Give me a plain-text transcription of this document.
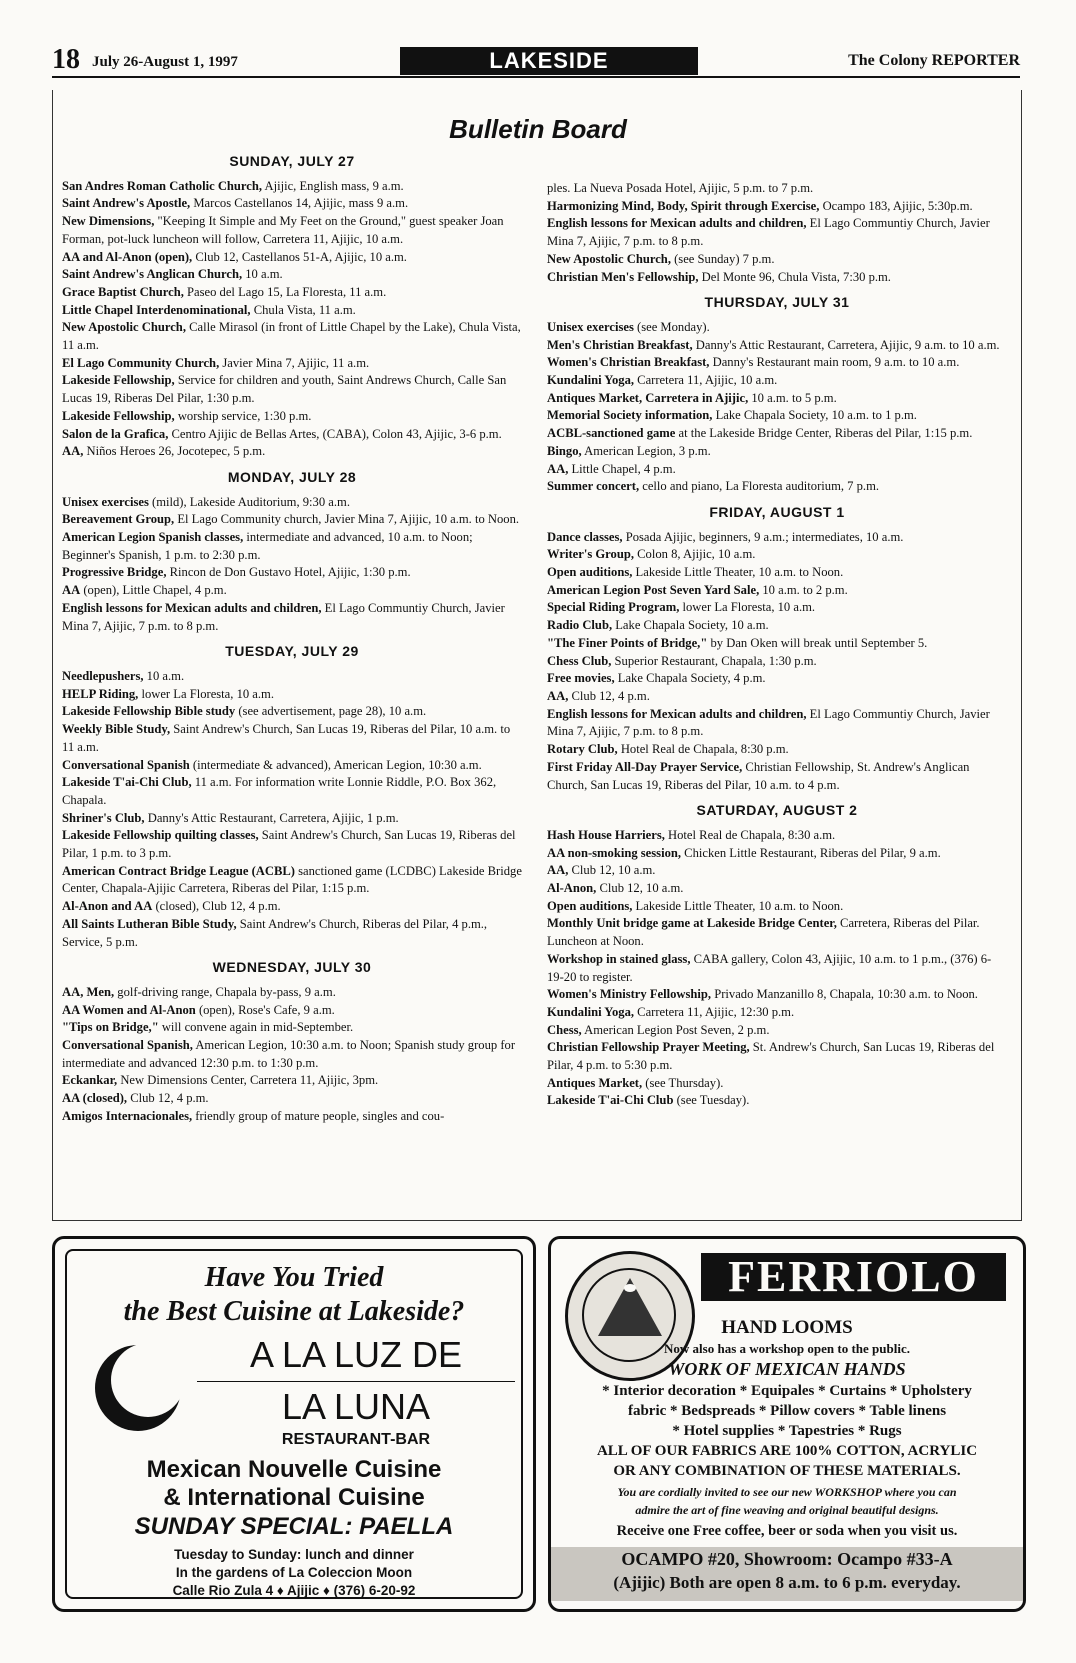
18 July 26-August 1, 1997	LAKESIDE	The Colony REPORTER
Bulletin Board
SUNDAY, JULY 27

San Andres Roman Catholic Church, Ajijic, English mass, 9 a.m.

Saint Andrew's Apostle, Marcos Castellanos 14, Ajijic, mass 9 a.m.

New Dimensions, "Keeping It Simple and My Feet on the Ground," guest speaker Joan Forman, pot-luck luncheon will follow, Carretera 11, Ajijic, 10 a.m.

AA and Al-Anon (open), Club 12, Castellanos 51-A, Ajijic, 10 a.m.

Saint Andrew's Anglican Church, 10 a.m.

Grace Baptist Church, Paseo del Lago 15, La Floresta, 11 a.m.

Little Chapel Interdenominational, Chula Vista, 11 a.m.

New Apostolic Church, Calle Mirasol (in front of Little Chapel by the Lake), Chula Vista, 11 a.m.

El Lago Community Church, Javier Mina 7, Ajijic, 11 a.m.

Lakeside Fellowship, Service for children and youth, Saint Andrews Church, Calle San Lucas 19, Riberas Del Pilar, 1:30 p.m.

Lakeside Fellowship, worship service, 1:30 p.m.

Salon de la Grafica, Centro Ajijic de Bellas Artes, (CABA), Colon 43, Ajijic, 3-6 p.m.

AA, Niños Heroes 26, Jocotepec, 5 p.m.

MONDAY, JULY 28

Unisex exercises (mild), Lakeside Auditorium, 9:30 a.m.

Bereavement Group, El Lago Community church, Javier Mina 7, Ajijic, 10 a.m. to Noon.

American Legion Spanish classes, intermediate and advanced, 10 a.m. to Noon; Beginner's Spanish, 1 p.m. to 2:30 p.m.

Progressive Bridge, Rincon de Don Gustavo Hotel, Ajijic, 1:30 p.m.

AA (open), Little Chapel, 4 p.m.

English lessons for Mexican adults and children, El Lago Communtiy Church, Javier Mina 7, Ajijic, 7 p.m. to 8 p.m.

TUESDAY, JULY 29

Needlepushers, 10 a.m.

HELP Riding, lower La Floresta, 10 a.m.

Lakeside Fellowship Bible study (see advertisement, page 28), 10 a.m.

Weekly Bible Study, Saint Andrew's Church, San Lucas 19, Riberas del Pilar, 10 a.m. to 11 a.m.

Conversational Spanish (intermediate & advanced), American Legion, 10:30 a.m.

Lakeside T'ai-Chi Club, 11 a.m. For information write Lonnie Riddle, P.O. Box 362, Chapala.

Shriner's Club, Danny's Attic Restaurant, Carretera, Ajijic, 1 p.m.

Lakeside Fellowship quilting classes, Saint Andrew's Church, San Lucas 19, Riberas del Pilar, 1 p.m. to 3 p.m.

American Contract Bridge League (ACBL) sanctioned game (LCDBC) Lakeside Bridge Center, Chapala-Ajijic Carretera, Riberas del Pilar, 1:15 p.m.

Al-Anon and AA (closed), Club 12, 4 p.m.

All Saints Lutheran Bible Study, Saint Andrew's Church, Riberas del Pilar, 4 p.m., Service, 5 p.m.

WEDNESDAY, JULY 30

AA, Men, golf-driving range, Chapala by-pass, 9 a.m.

AA Women and Al-Anon (open), Rose's Cafe, 9 a.m.

"Tips on Bridge," will convene again in mid-September.

Conversational Spanish, American Legion, 10:30 a.m. to Noon; Spanish study group for intermediate and advanced 12:30 p.m. to 1:30 p.m.

Eckankar, New Dimensions Center, Carretera 11, Ajijic, 3pm.

AA (closed), Club 12, 4 p.m.

Amigos Internacionales, friendly group of mature people, singles and cou-

ples. La Nueva Posada Hotel, Ajijic, 5 p.m. to 7 p.m.

Harmonizing Mind, Body, Spirit through Exercise, Ocampo 183, Ajijic, 5:30p.m.

English lessons for Mexican adults and children, El Lago Communtiy Church, Javier Mina 7, Ajijic, 7 p.m. to 8 p.m.

New Apostolic Church, (see Sunday) 7 p.m.

Christian Men's Fellowship, Del Monte 96, Chula Vista, 7:30 p.m.

THURSDAY, JULY 31

Unisex exercises (see Monday).

Men's Christian Breakfast, Danny's Attic Restaurant, Carretera, Ajijic, 9 a.m. to 10 a.m.

Women's Christian Breakfast, Danny's Restaurant main room, 9 a.m. to 10 a.m.

Kundalini Yoga, Carretera 11, Ajijic, 10 a.m.

Antiques Market, Carretera in Ajijic, 10 a.m. to 5 p.m.

Memorial Society information, Lake Chapala Society, 10 a.m. to 1 p.m.

ACBL-sanctioned game at the Lakeside Bridge Center, Riberas del Pilar, 1:15 p.m.

Bingo, American Legion, 3 p.m.

AA, Little Chapel, 4 p.m.

Summer concert, cello and piano, La Floresta auditorium, 7 p.m.

FRIDAY, AUGUST 1

Dance classes, Posada Ajijic, beginners, 9 a.m.; intermediates, 10 a.m.

Writer's Group, Colon 8, Ajijic, 10 a.m.

Open auditions, Lakeside Little Theater, 10 a.m. to Noon.

American Legion Post Seven Yard Sale, 10 a.m. to 2 p.m.

Special Riding Program, lower La Floresta, 10 a.m.

Radio Club, Lake Chapala Society, 10 a.m.

"The Finer Points of Bridge," by Dan Oken will break until September 5.

Chess Club, Superior Restaurant, Chapala, 1:30 p.m.

Free movies, Lake Chapala Society, 4 p.m.

AA, Club 12, 4 p.m.

English lessons for Mexican adults and children, El Lago Communtiy Church, Javier Mina 7, Ajijic, 7 p.m. to 8 p.m.

Rotary Club, Hotel Real de Chapala, 8:30 p.m.

First Friday All-Day Prayer Service, Christian Fellowship, St. Andrew's Anglican Church, San Lucas 19, Riberas del Pilar, 10 a.m. to 4 p.m.

SATURDAY, AUGUST 2

Hash House Harriers, Hotel Real de Chapala, 8:30 a.m.

AA non-smoking session, Chicken Little Restaurant, Riberas del Pilar, 9 a.m.

AA, Club 12, 10 a.m.

Al-Anon, Club 12, 10 a.m.

Open auditions, Lakeside Little Theater, 10 a.m. to Noon.

Monthly Unit bridge game at Lakeside Bridge Center, Carretera, Riberas del Pilar. Luncheon at Noon.

Workshop in stained glass, CABA gallery, Colon 43, Ajijic, 10 a.m. to 1 p.m., (376) 6-19-20 to register.

Women's Ministry Fellowship, Privado Manzanillo 8, Chapala, 10:30 a.m. to Noon.

Kundalini Yoga, Carretera 11, Ajijic, 12:30 p.m.

Chess, American Legion Post Seven, 2 p.m.

Christian Fellowship Prayer Meeting, St. Andrew's Church, San Lucas 19, Riberas del Pilar, 4 p.m. to 5:30 p.m.

Antiques Market, (see Thursday).

Lakeside T'ai-Chi Club (see Tuesday).

Have You Tried
the Best Cuisine at Lakeside?
A LA LUZ DE
LA LUNA
RESTAURANT-BAR
Mexican Nouvelle Cuisine
& International Cuisine
SUNDAY SPECIAL: PAELLA
Tuesday to Sunday: lunch and dinner
In the gardens of La Coleccion Moon
Calle Rio Zula 4 ♦ Ajijic ♦ (376) 6-20-92
FERRIOLO
HAND LOOMS
Now also has a workshop open to the public.
WORK OF MEXICAN HANDS
* Interior decoration * Equipales * Curtains * Upholstery
fabric * Bedspreads * Pillow covers * Table linens
* Hotel supplies * Tapestries * Rugs
ALL OF OUR FABRICS ARE 100% COTTON, ACRYLIC
OR ANY COMBINATION OF THESE MATERIALS.
You are cordially invited to see our new WORKSHOP where you can
admire the art of fine weaving and original beautiful designs.
Receive one Free coffee, beer or soda when you visit us.
OCAMPO #20, Showroom: Ocampo #33-A
(Ajijic) Both are open 8 a.m. to 6 p.m. everyday.
